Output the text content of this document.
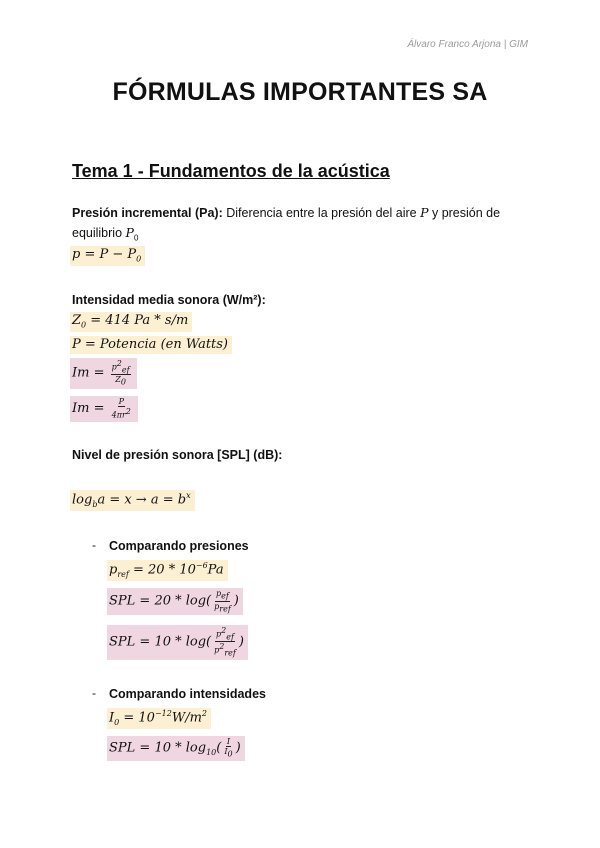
Álvaro Franco Arjona | GIM
FÓRMULAS IMPORTANTES SA
Tema 1 - Fundamentos de la acústica
Presión incremental (Pa): Diferencia entre la presión del aire P y presión de
equilibrio $P_0$
$p = P - P_0$
Intensidad media sonora (W/m²):
$Z_0 = 414$ Pa * s/m
P = Potencia (en Watts)
$Im = \frac{p^2_{ef}}{Z_0}$
$Im = \frac{P}{4\pi r^2}$
Nivel de presión sonora [SPL] (dB):
$\log_ba = x \to a = b^x$
- Comparando presiones
$p_{ref} = 20 * 10^{-6}Pa$
SPL = $20 * \log( \frac{p_{ef}}{p_{ref}}$ )
SPL = $10 * \log( \frac{p^2_{ef}}{p^2_{ref}}$ )
- Comparando intensidades
$I_0 = 10^{-12}W/m^2$
SPL = $10 * \log_{10}( \frac{I}{I_0}$ )
